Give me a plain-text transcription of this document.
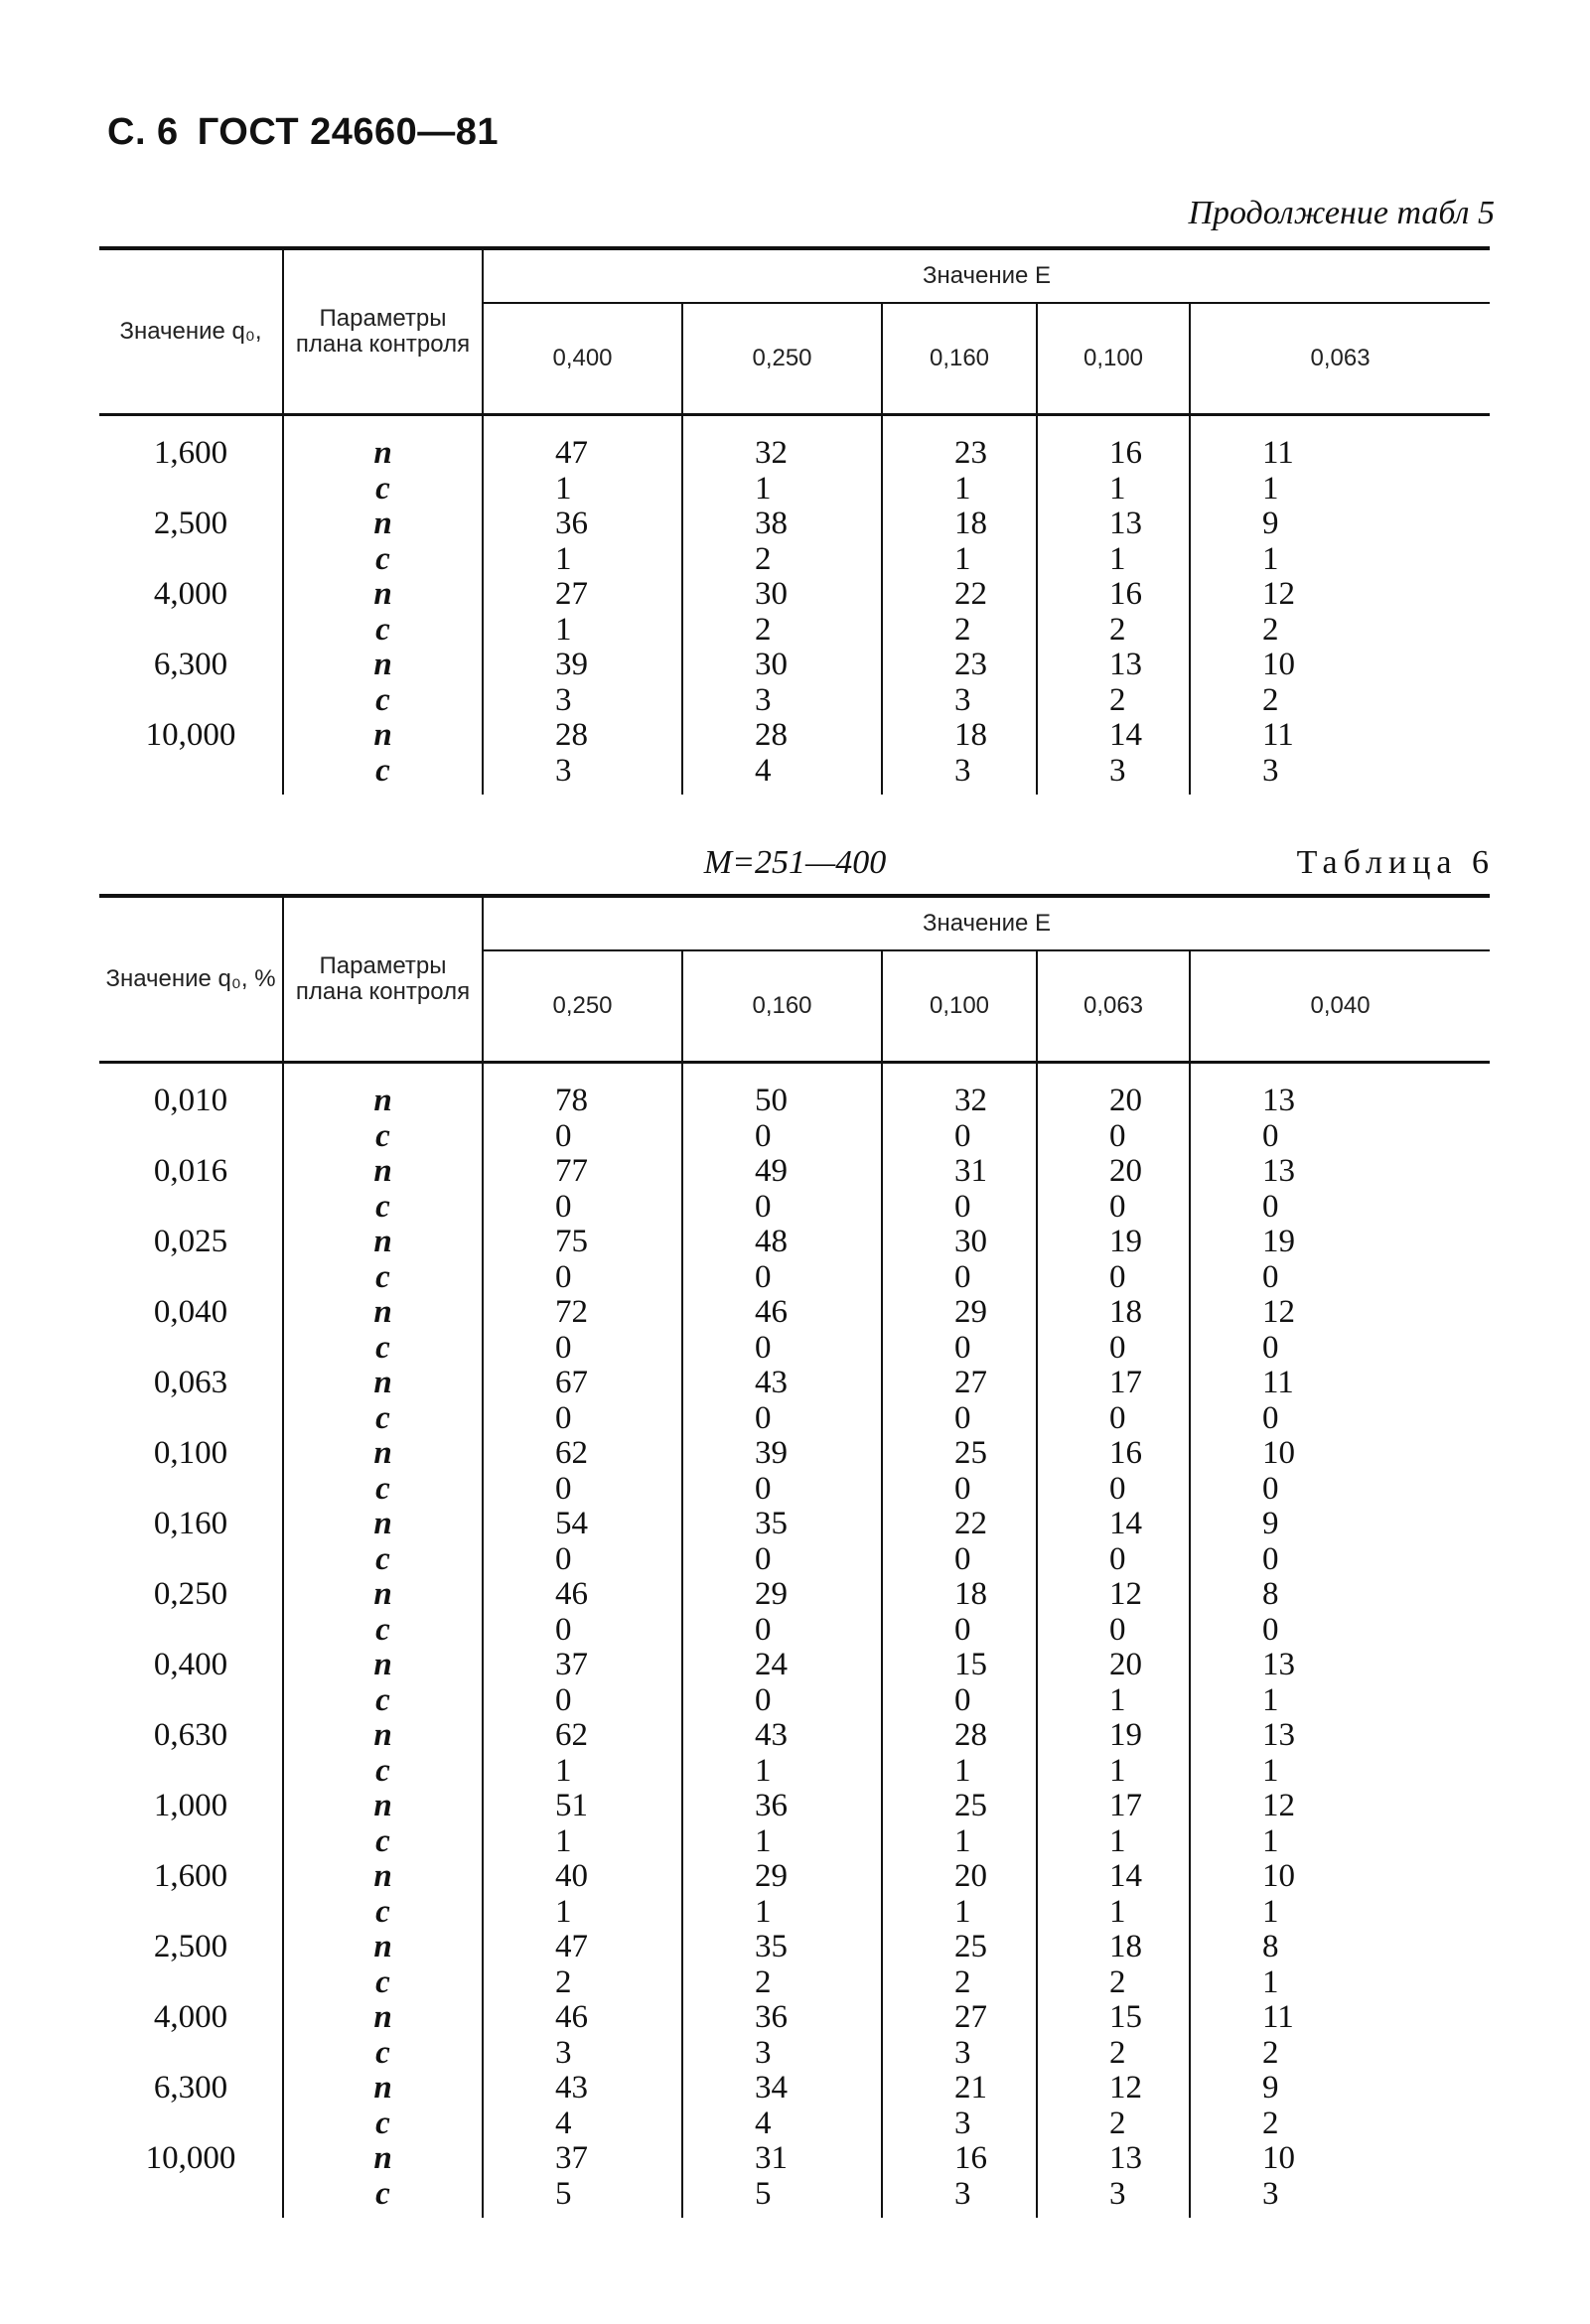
С. 6 ГОСТ 24660—81
Продолжение табл 5
Значение q₀,	Параметры плана контроля	Значение E				
		0,400	0,250	0,160	0,100	0,063
1,600	n	47	32	23	16	11
	c	1	1	1	1	1
2,500	n	36	38	18	13	9
	c	1	2	1	1	1
4,000	n	27	30	22	16	12
	c	1	2	2	2	2
6,300	n	39	30	23	13	10
	c	3	3	3	2	2
10,000	n	28	28	18	14	11
	c	3	4	3	3	3
M=251—400	Таблица 6
Значение q₀, %	Параметры плана контроля	Значение E				
		0,250	0,160	0,100	0,063	0,040
0,010	n	78	50	32	20	13
	c	0	0	0	0	0
0,016	n	77	49	31	20	13
	c	0	0	0	0	0
0,025	n	75	48	30	19	19
	c	0	0	0	0	0
0,040	n	72	46	29	18	12
	c	0	0	0	0	0
0,063	n	67	43	27	17	11
	c	0	0	0	0	0
0,100	n	62	39	25	16	10
	c	0	0	0	0	0
0,160	n	54	35	22	14	9
	c	0	0	0	0	0
0,250	n	46	29	18	12	8
	c	0	0	0	0	0
0,400	n	37	24	15	20	13
	c	0	0	0	1	1
0,630	n	62	43	28	19	13
	c	1	1	1	1	1
1,000	n	51	36	25	17	12
	c	1	1	1	1	1
1,600	n	40	29	20	14	10
	c	1	1	1	1	1
2,500	n	47	35	25	18	8
	c	2	2	2	2	1
4,000	n	46	36	27	15	11
	c	3	3	3	2	2
6,300	n	43	34	21	12	9
	c	4	4	3	2	2
10,000	n	37	31	16	13	10
	c	5	5	3	3	3
